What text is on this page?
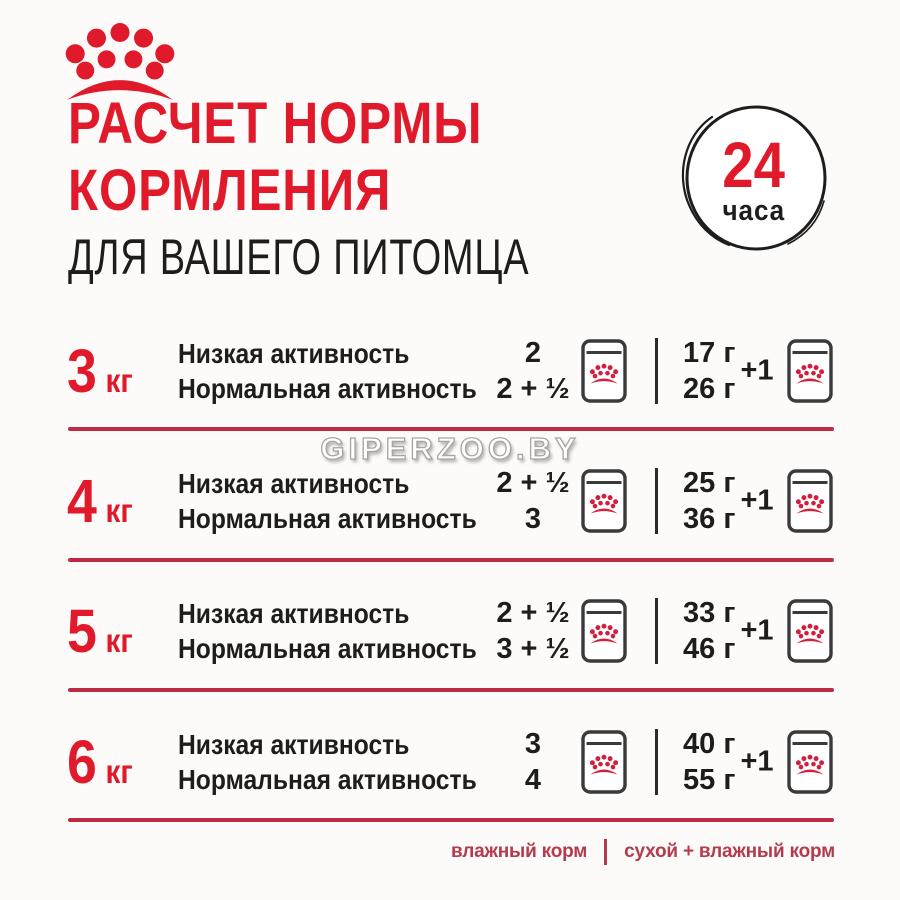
РАСЧЕТ НОРМЫ
КОРМЛЕНИЯ
ДЛЯ ВАШЕГО ПИТОМЦА
24
часа
GIPERZOO.BY
3 кг
Низкая активность
Нормальная активность
2
2 + ½
17 г
26 г
+1
4 кг
Низкая активность
Нормальная активность
2 + ½
3
25 г
36 г
+1
5 кг
Низкая активность
Нормальная активность
2 + ½
3 + ½
33 г
46 г
+1
6 кг
Низкая активность
Нормальная активность
3
4
40 г
55 г
+1
влажный корм сухой + влажный корм
